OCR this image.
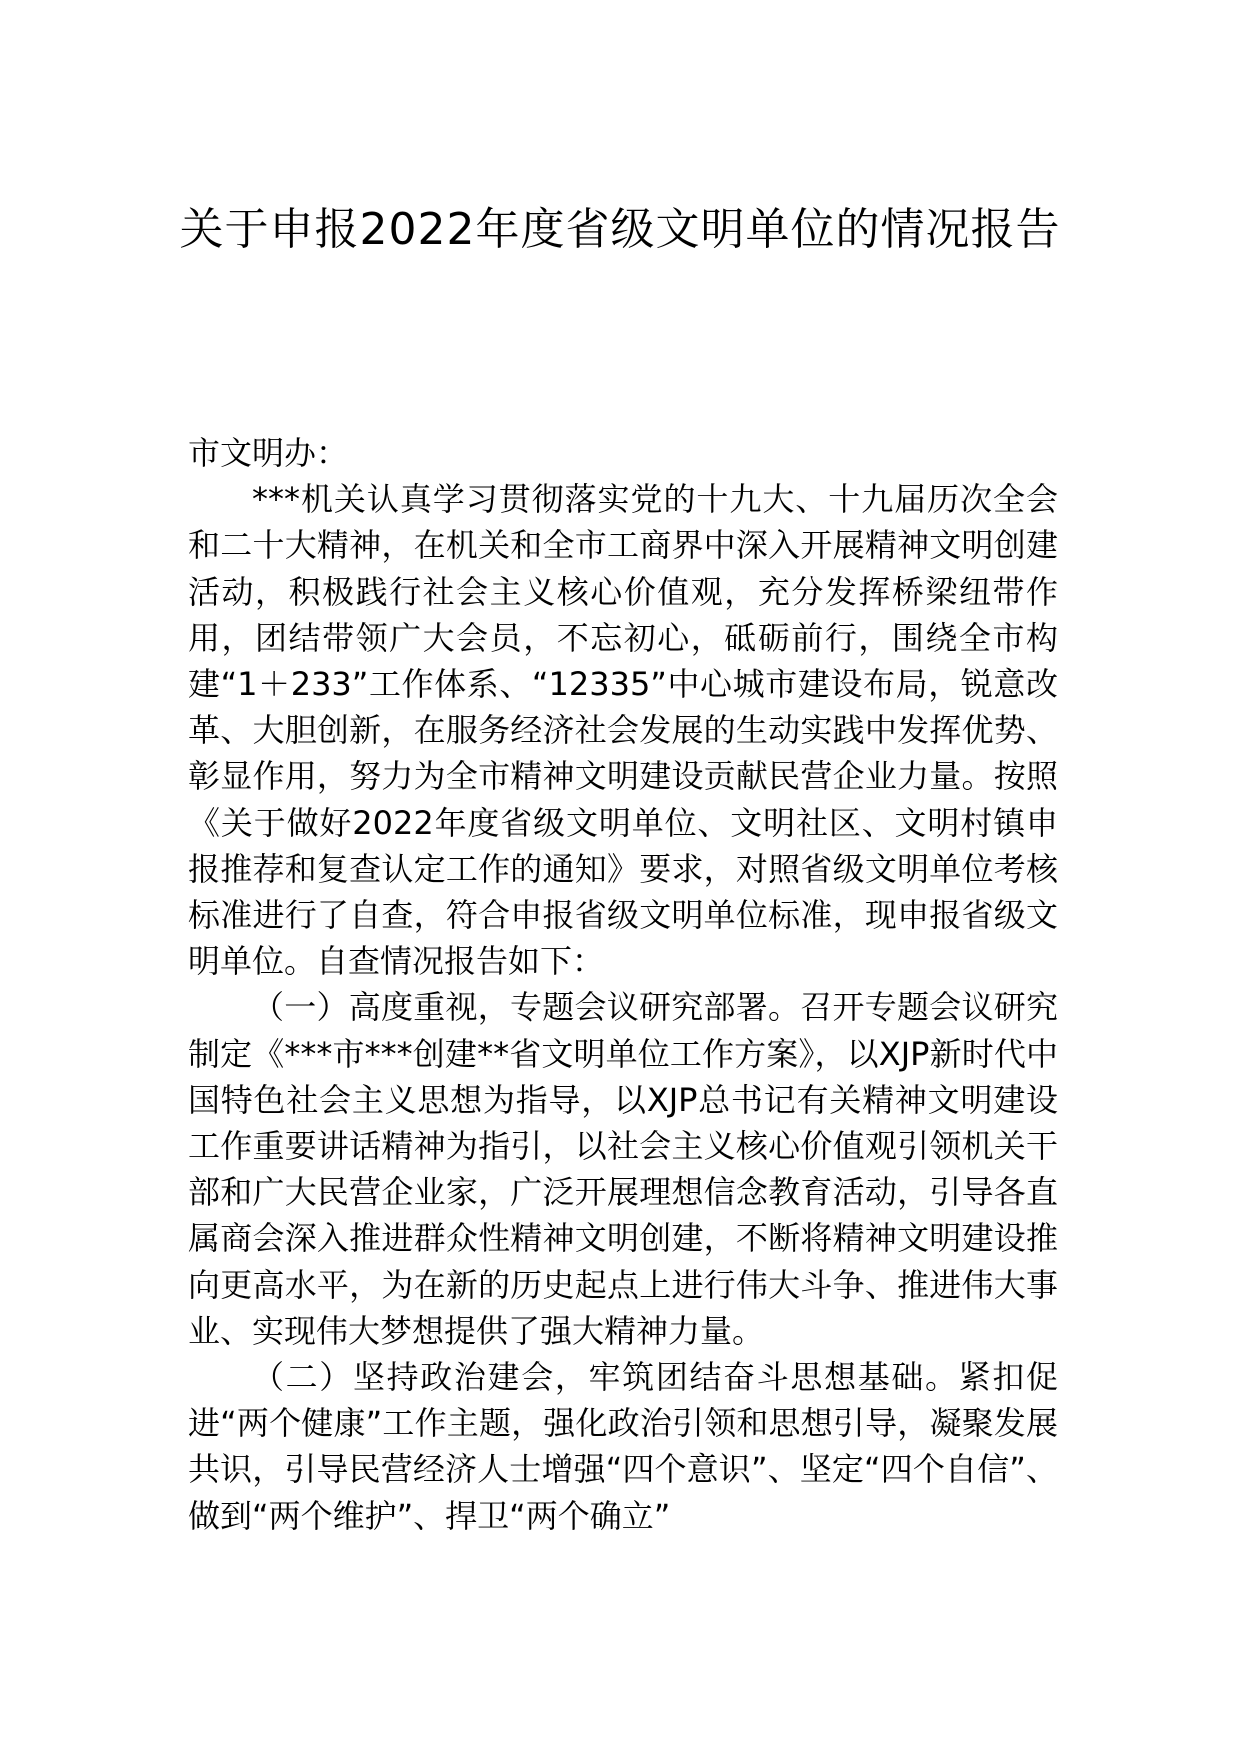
关于申报2022年度省级文明单位的情况报告

市文明办：

***机关认真学习贯彻落实党的十九大、十九届历次全会和二十大精神，在机关和全市工商界中深入开展精神文明创建活动，积极践行社会主义核心价值观，充分发挥桥梁纽带作用，团结带领广大会员，不忘初心，砥砺前行，围绕全市构建“1＋233”工作体系、“12335”中心城市建设布局，锐意改革、大胆创新，在服务经济社会发展的生动实践中发挥优势、彰显作用，努力为全市精神文明建设贡献民营企业力量。按照《关于做好2022年度省级文明单位、文明社区、文明村镇申报推荐和复查认定工作的通知》要求，对照省级文明单位考核标准进行了自查，符合申报省级文明单位标准，现申报省级文明单位。自查情况报告如下：

（一）高度重视，专题会议研究部署。召开专题会议研究制定《***市***创建**省文明单位工作方案》，以XJP新时代中国特色社会主义思想为指导，以XJP总书记有关精神文明建设工作重要讲话精神为指引，以社会主义核心价值观引领机关干部和广大民营企业家，广泛开展理想信念教育活动，引导各直属商会深入推进群众性精神文明创建，不断将精神文明建设推向更高水平，为在新的历史起点上进行伟大斗争、推进伟大事业、实现伟大梦想提供了强大精神力量。

（二）坚持政治建会，牢筑团结奋斗思想基础。紧扣促进“两个健康”工作主题，强化政治引领和思想引导，凝聚发展共识，引导民营经济人士增强“四个意识”、坚定“四个自信”、做到“两个维护”、捍卫“两个确立”
